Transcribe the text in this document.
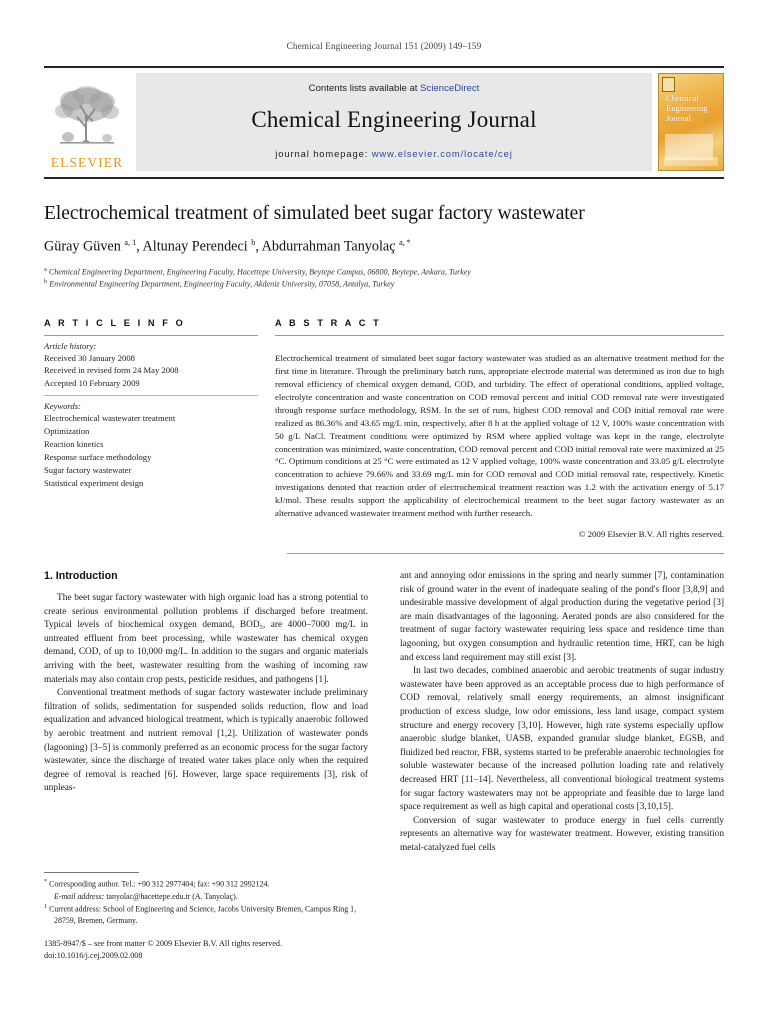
Chemical Engineering Journal 151 (2009) 149–159
ELSEVIER
Contents lists available at ScienceDirect
Chemical Engineering Journal
journal homepage: www.elsevier.com/locate/cej
Chemical Engineering Journal
Electrochemical treatment of simulated beet sugar factory wastewater
Güray Güven $^{a, 1}$, Altunay Perendeci $^b$, Abdurrahman Tanyolaç $^{a, *}$

$^a$ Chemical Engineering Department, Engineering Faculty, Hacettepe University, Beytepe Campus, 06800, Beytepe, Ankara, Turkey

$^b$ Environmental Engineering Department, Engineering Faculty, Akdeniz University, 07058, Antalya, Turkey

A R T I C L E I N F O

Article history:

Received 30 January 2008
Received in revised form 24 May 2008
Accepted 10 February 2009

Keywords:

Electrochemical wastewater treatment
Optimization
Reaction kinetics
Response surface methodology
Sugar factory wastewater
Statistical experiment design
A B S T R A C T

Electrochemical treatment of simulated beet sugar factory wastewater was studied as an alternative treatment method for the first time in literature. Through the preliminary batch runs, appropriate electrode material was determined as iron due to high removal efficiency of chemical oxygen demand, COD, and turbidity. The effect of operational conditions, applied voltage, electrolyte concentration and waste concentration on COD removal percent and initial COD removal rate were investigated through response surface methodology, RSM. In the set of runs, highest COD removal and COD initial removal rate were realized as 86.36% and 43.65 mg/L min, respectively, after 8 h at the applied voltage of 12 V, 100% waste concentration with 50 g/L NaCl. Treatment conditions were optimized by RSM where applied voltage was kept in the range, electrolyte concentration was minimized, waste concentration, COD removal percent and COD initial removal rate were maximized at 25 °C. Optimum conditions at 25 °C were estimated as 12 V applied voltage, 100% waste concentration and 33.05 g/L electrolyte concentration to achieve 79.66% and 33.69 mg/L min for COD removal and COD initial removal rate, respectively. Kinetic investigations denoted that reaction order of electrochemical treatment reaction was 1.2 with the activation energy of 5.17 kJ/mol. These results support the applicability of electrochemical treatment to the beet sugar factory wastewater as an alternative advanced wastewater treatment method with further research.

© 2009 Elsevier B.V. All rights reserved.

1. Introduction

The beet sugar factory wastewater with high organic load has a strong potential to create serious environmental pollution problems if discharged before treatment. Typical levels of biochemical oxygen demand, BOD₅, are 4000–7000 mg/L in untreated effluent from beet processing, while wastewater has chemical oxygen demand, COD, of up to 10,000 mg/L. In addition to the sugars and organic materials arriving with the beet, wastewater resulting from the washing of incoming raw materials may also contain crop pests, pesticide residues, and pathogens [1].

Conventional treatment methods of sugar factory wastewater include preliminary filtration of solids, sedimentation for suspended solids reduction, flow and load equalization and advanced biological treatment, which is typically anaerobic followed by aerobic treatment and nutrient removal [1,2]. Utilization of wastewater ponds (lagooning) [3–5] is commonly preferred as an economic process for the sugar factory wastewater, since the discharge of treated water takes place only when the required degree of removal is reached [6]. However, large space requirements [3], risk of unpleas-

ant and annoying odor emissions in the spring and nearly summer [7], contamination risk of ground water in the event of inadequate sealing of the pond's floor [3,8,9] and undesirable massive development of algal production during the vegetative period [3] are main disadvantages of the lagooning. Aerated ponds are also considered for the treatment of sugar factory wastewater requiring less space and residence time than lagooning, but oxygen consumption and hydraulic retention time, HRT, can be high and excess land requirement may still exist [3].

In last two decades, combined anaerobic and aerobic treatments of sugar industry wastewater have been approved as an acceptable process due to high performance of COD removal, relatively small energy requirements, an almost insignificant production of excess sludge, low odor emissions, less land usage, compact system structure and energy recovery [3,10]. However, high rate systems especially upflow anaerobic sludge blanket, UASB, expanded granular sludge blanket, EGSB, and fluidized bed reactor, FBR, systems started to be preferable anaerobic technologies for soluble wastewater because of the increased pollution loading rate and relatively decreased HRT [11–14]. Nevertheless, all conventional biological treatment systems for sugar factory wastewaters may not be appropriate and feasible due to large land space requirement as well as high capital and operational costs [3,10,15].

Conversion of sugar wastewater to produce energy in fuel cells currently represents an alternative way for wastewater treatment. However, existing transition metal-catalyzed fuel cells

* Corresponding author. Tel.: +90 312 2977404; fax: +90 312 2992124.

E-mail address: tanyolac@hacettepe.edu.tr (A. Tanyolaç).

$^1$ Current address: School of Engineering and Science, Jacobs University Bremen, Campus Ring 1, 28759, Bremen, Germany.

1385-8947/$ – see front matter © 2009 Elsevier B.V. All rights reserved.
doi:10.1016/j.cej.2009.02.008
